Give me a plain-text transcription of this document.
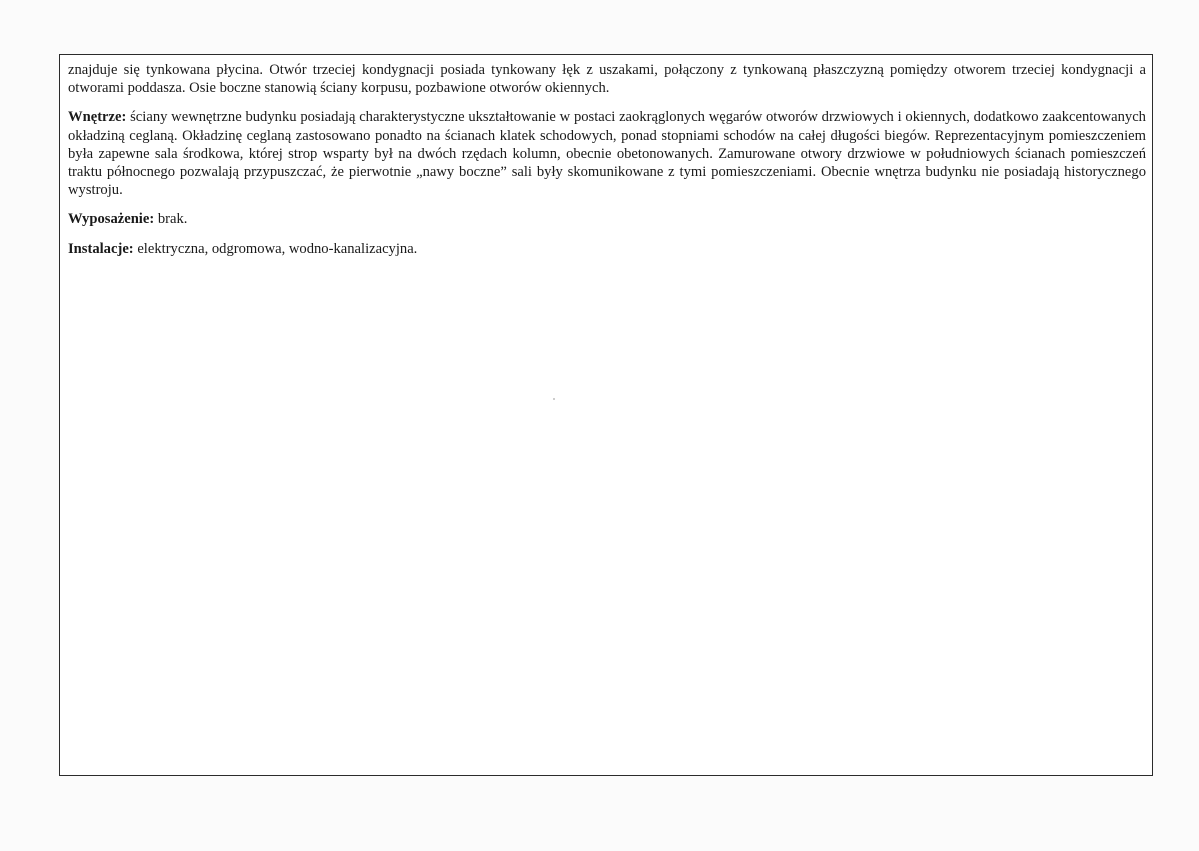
znajduje się tynkowana płycina. Otwór trzeciej kondygnacji posiada tynkowany łęk z uszakami, połączony z tynkowaną płaszczyzną pomiędzy otworem trzeciej kondygnacji a otworami poddasza. Osie boczne stanowią ściany korpusu, pozbawione otworów okiennych.

Wnętrze: ściany wewnętrzne budynku posiadają charakterystyczne ukształtowanie w postaci zaokrąglonych węgarów otworów drzwiowych i okiennych, dodatkowo zaakcentowanych okładziną ceglaną. Okładzinę ceglaną zastosowano ponadto na ścianach klatek schodowych, ponad stopniami schodów na całej długości biegów. Reprezentacyjnym pomieszczeniem była zapewne sala środkowa, której strop wsparty był na dwóch rzędach kolumn, obecnie obetonowanych. Zamurowane otwory drzwiowe w południowych ścianach pomieszczeń traktu północnego pozwalają przypuszczać, że pierwotnie „nawy boczne” sali były skomunikowane z tymi pomieszczeniami. Obecnie wnętrza budynku nie posiadają historycznego wystroju.

Wyposażenie: brak.

Instalacje: elektryczna, odgromowa, wodno-kanalizacyjna.
